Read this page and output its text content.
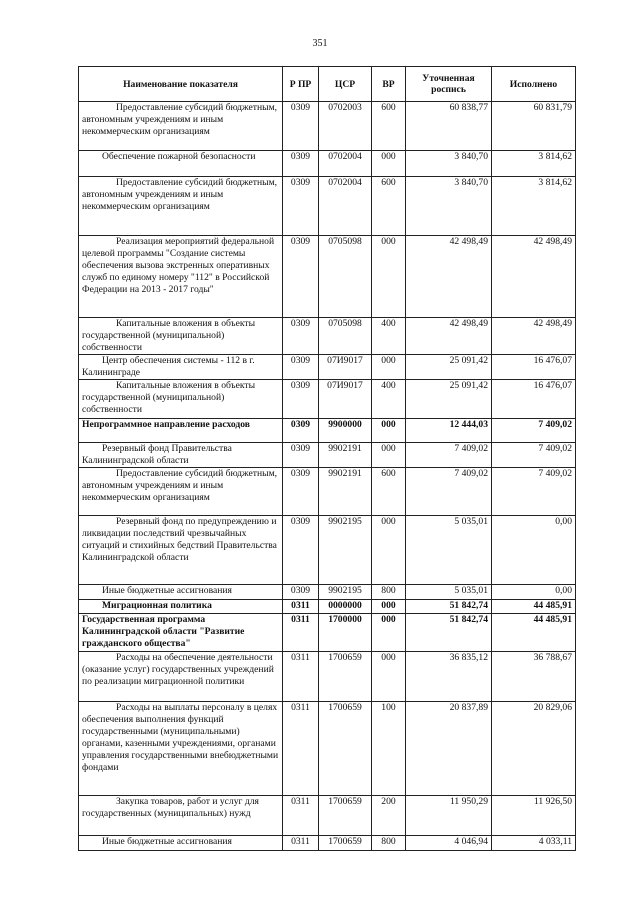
351
Наименование показателя	Р ПР	ЦСР	ВР	Уточненная роспись	Исполнено
Предоставление субсидий бюджетным, автономным учреждениям и иным некоммерческим организациям	0309	0702003	600	60 838,77	60 831,79
Обеспечение пожарной безопасности	0309	0702004	000	3 840,70	3 814,62
Предоставление субсидий бюджетным, автономным учреждениям и иным некоммерческим организациям	0309	0702004	600	3 840,70	3 814,62
Реализация мероприятий федеральной целевой программы "Создание системы обеспечения вызова экстренных оперативных служб по единому номеру "112" в Российской Федерации на 2013 - 2017 годы"	0309	0705098	000	42 498,49	42 498,49
Капитальные вложения в объекты государственной (муниципальной) собственности	0309	0705098	400	42 498,49	42 498,49
Центр обеспечения системы - 112 в г. Калининграде	0309	07И9017	000	25 091,42	16 476,07
Капитальные вложения в объекты государственной (муниципальной) собственности	0309	07И9017	400	25 091,42	16 476,07
Непрограммное направление расходов	0309	9900000	000	12 444,03	7 409,02
Резервный фонд Правительства Калининградской области	0309	9902191	000	7 409,02	7 409,02
Предоставление субсидий бюджетным, автономным учреждениям и иным некоммерческим организациям	0309	9902191	600	7 409,02	7 409,02
Резервный фонд по предупреждению и ликвидации последствий чрезвычайных ситуаций и стихийных бедствий Правительства Калининградской области	0309	9902195	000	5 035,01	0,00
Иные бюджетные ассигнования	0309	9902195	800	5 035,01	0,00
Миграционная политика	0311	0000000	000	51 842,74	44 485,91
Государственная программа Калининградской области "Развитие гражданского общества"	0311	1700000	000	51 842,74	44 485,91
Расходы на обеспечение деятельности (оказание услуг) государственных учреждений по реализации миграционной политики	0311	1700659	000	36 835,12	36 788,67
Расходы на выплаты персоналу в целях обеспечения выполнения функций государственными (муниципальными) органами, казенными учреждениями, органами управления государственными внебюджетными фондами	0311	1700659	100	20 837,89	20 829,06
Закупка товаров, работ и услуг для государственных (муниципальных) нужд	0311	1700659	200	11 950,29	11 926,50
Иные бюджетные ассигнования	0311	1700659	800	4 046,94	4 033,11
